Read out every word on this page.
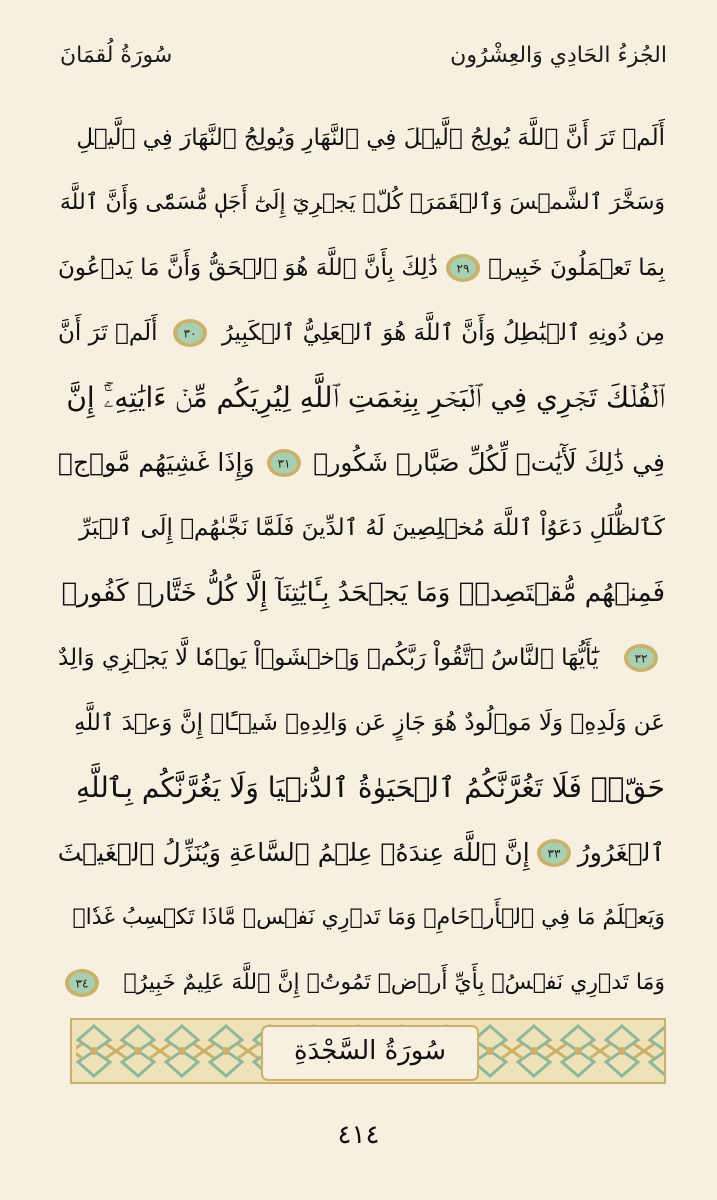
سُورَةُ لُقمَانَ	الجُزءُ الحَادِي وَالعِشْرُون
أَلَمۡ تَرَ أَنَّ ٱللَّهَ يُولِجُ ٱلَّيۡلَ فِي ٱلنَّهَارِ وَيُولِجُ ٱلنَّهَارَ فِي ٱلَّيۡلِ
وَسَخَّرَ ٱلشَّمۡسَ وَٱلۡقَمَرَۖ كُلّٞ يَجۡرِيٓ إِلَىٰٓ أَجَلٖ مُّسَمّٗى وَأَنَّ ٱللَّهَ
بِمَا تَعۡمَلُونَ خَبِيرٞ
٢٩
ذَٰلِكَ بِأَنَّ ٱللَّهَ هُوَ ٱلۡحَقُّ وَأَنَّ مَا يَدۡعُونَ
مِن دُونِهِ ٱلۡبَٰطِلُ وَأَنَّ ٱللَّهَ هُوَ ٱلۡعَلِيُّ ٱلۡكَبِيرُ
٣٠
أَلَمۡ تَرَ أَنَّ
ٱلۡفُلۡكَ تَجۡرِي فِي ٱلۡبَحۡرِ بِنِعۡمَتِ ٱللَّهِ لِيُرِيَكُم مِّنۡ ءَايَٰتِهِۦٓۚ إِنَّ
فِي ذَٰلِكَ لَأٓيَٰتٖ لِّكُلِّ صَبَّارٖ شَكُورٖ
٣١
وَإِذَا غَشِيَهُم مَّوۡجٞ
كَٱلظُّلَلِ دَعَوُاْ ٱللَّهَ مُخۡلِصِينَ لَهُ ٱلدِّينَ فَلَمَّا نَجَّىٰهُمۡ إِلَى ٱلۡبَرِّ
فَمِنۡهُم مُّقۡتَصِدٞۚ وَمَا يَجۡحَدُ بِـَٔايَٰتِنَآ إِلَّا كُلُّ خَتَّارٖ كَفُورٖ
٣٢
يَٰٓأَيُّهَا ٱلنَّاسُ ٱتَّقُواْ رَبَّكُمۡ وَٱخۡشَوۡاْ يَوۡمٗا لَّا يَجۡزِي وَالِدٌ
عَن وَلَدِهِۦ وَلَا مَوۡلُودٌ هُوَ جَازٍ عَن وَالِدِهِۦ شَيۡـًٔاۚ إِنَّ وَعۡدَ ٱللَّهِ
حَقّٞۖ فَلَا تَغُرَّنَّكُمُ ٱلۡحَيَوٰةُ ٱلدُّنۡيَا وَلَا يَغُرَّنَّكُم بِٱللَّهِ
ٱلۡغَرُورُ
٣٣
إِنَّ ٱللَّهَ عِندَهُۥ عِلۡمُ ٱلسَّاعَةِ وَيُنَزِّلُ ٱلۡغَيۡثَ
وَيَعۡلَمُ مَا فِي ٱلۡأَرۡحَامِۖ وَمَا تَدۡرِي نَفۡسٞ مَّاذَا تَكۡسِبُ غَدٗاۖ
وَمَا تَدۡرِي نَفۡسُۢ بِأَيِّ أَرۡضٖ تَمُوتُۚ إِنَّ ٱللَّهَ عَلِيمٌ خَبِيرُۢ
٣٤
سُورَةُ السَّجْدَةِ
٤١٤
